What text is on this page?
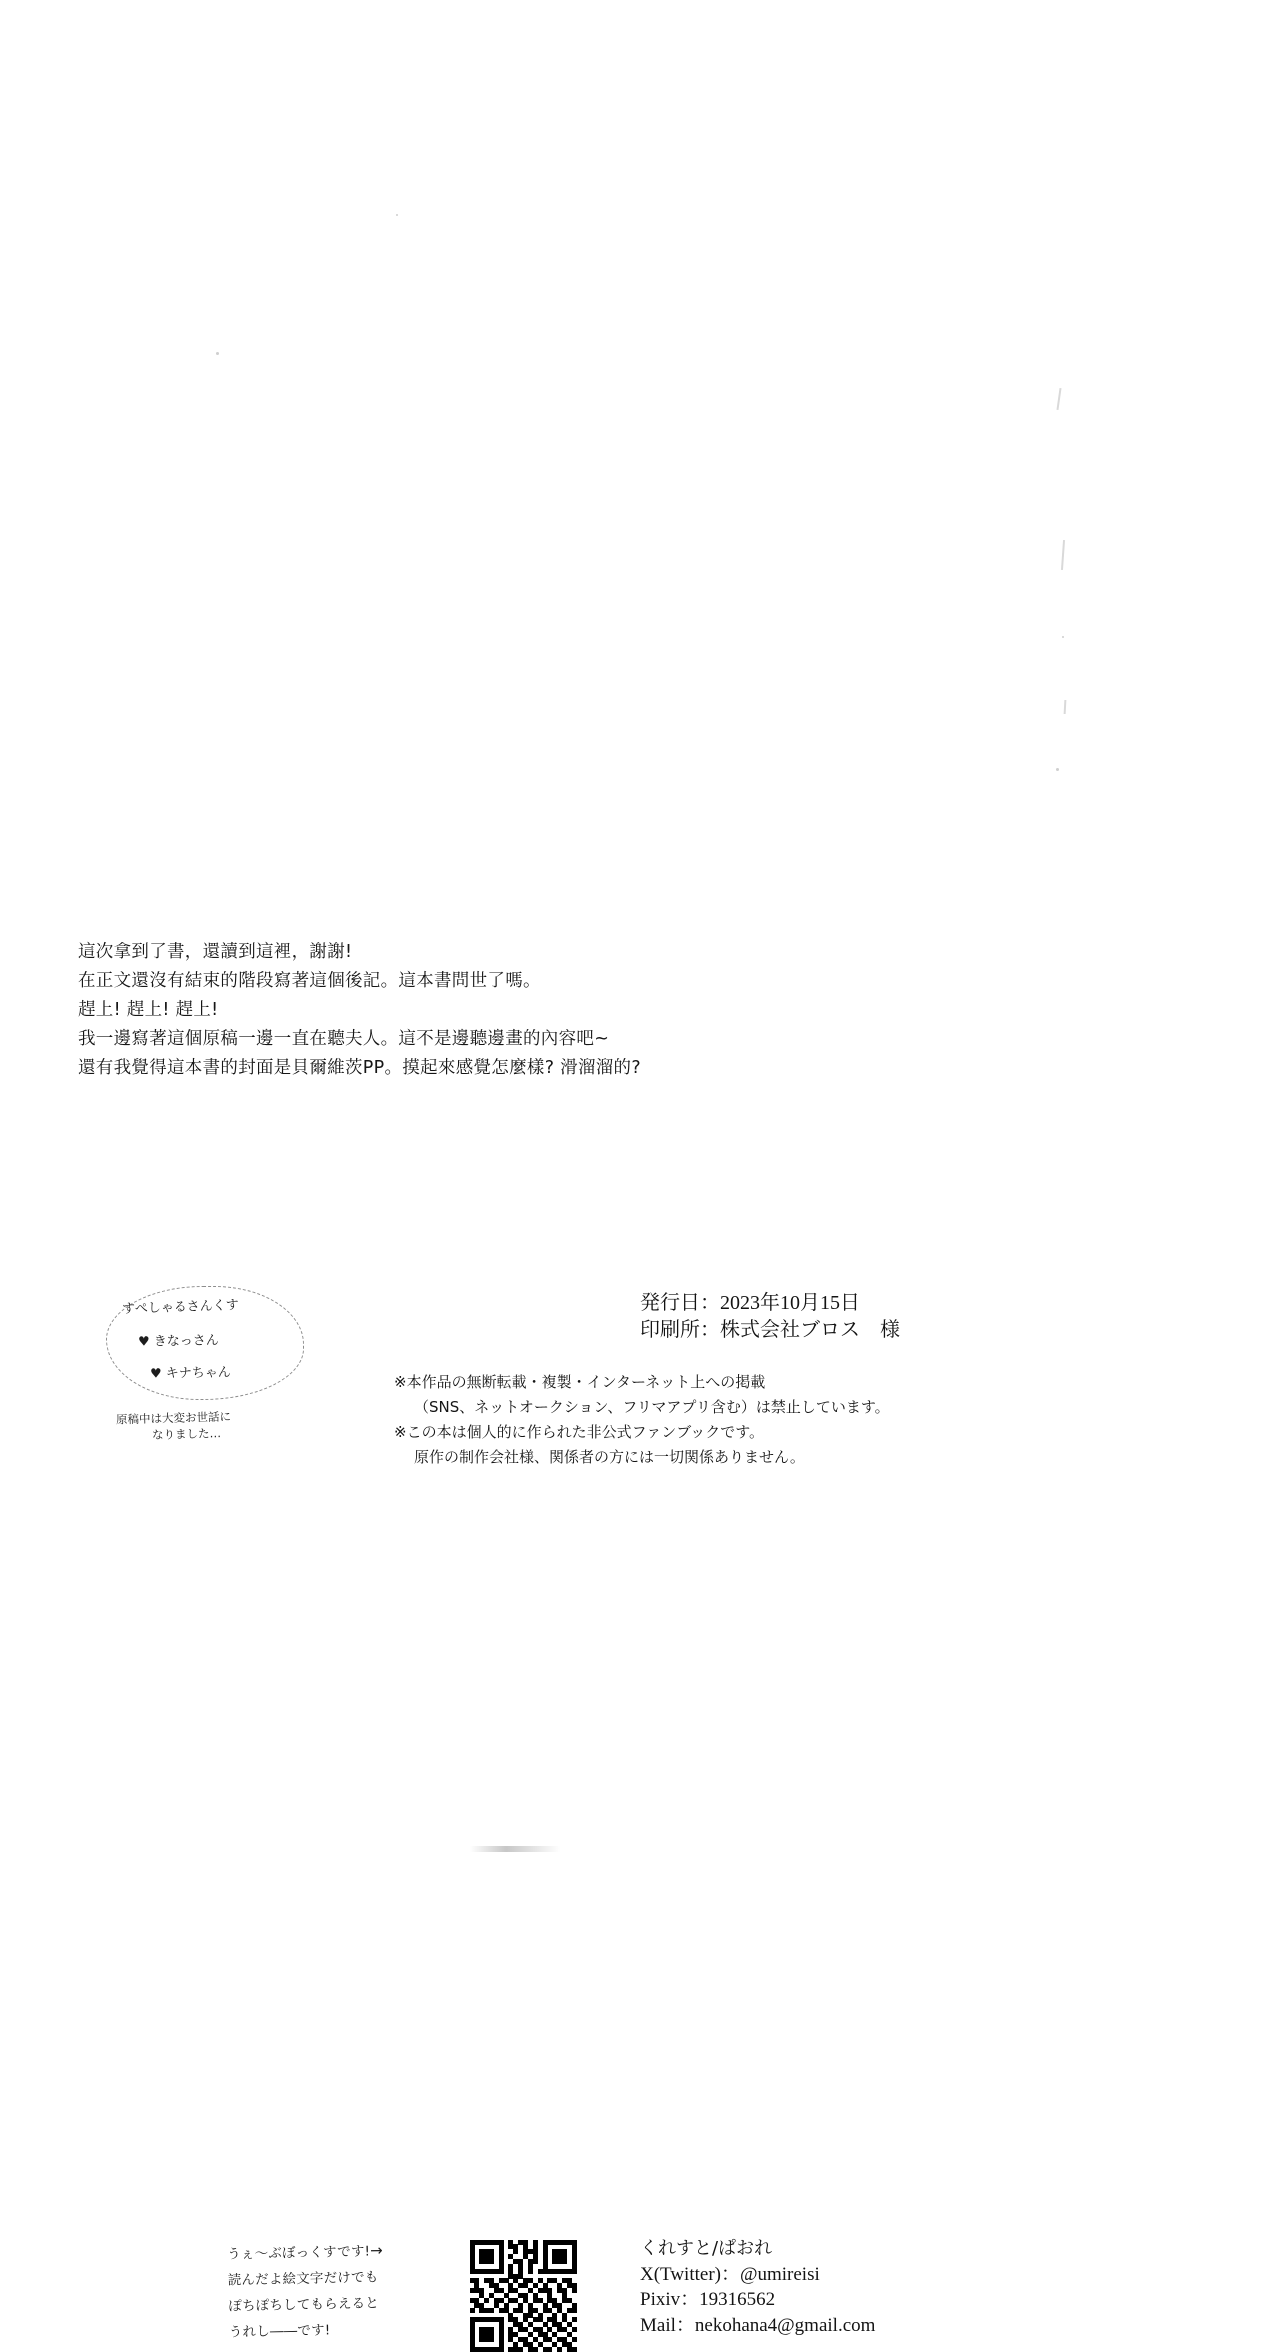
這次拿到了書，還讀到這裡，謝謝!
在正文還沒有結束的階段寫著這個後記。這本書問世了嗎。
趕上! 趕上! 趕上!
我一邊寫著這個原稿一邊一直在聽夫人。這不是邊聽邊畫的內容吧~
還有我覺得這本書的封面是貝爾維茨PP。摸起來感覺怎麼樣? 滑溜溜的?
うぇ～ぶぼっくすです!→
読んだよ絵文字だけでも
ぽちぽちしてもらえると
うれし――です!
くれすと/ぱおれ
X(Twitter)：@umireisi
Pixiv：19316562
Mail：nekohana4@gmail.com
すぺしゃるさんくす
♥ きなっさん
♥ キナちゃん
原稿中は大変お世話に
なりました…
発行日：2023年10月15日
印刷所：株式会社ブロス　様
※本作品の無断転載・複製・インターネット上への掲載
（SNS、ネットオークション、フリマアプリ含む）は禁止しています。
※この本は個人的に作られた非公式ファンブックです。
原作の制作会社様、関係者の方には一切関係ありません。
